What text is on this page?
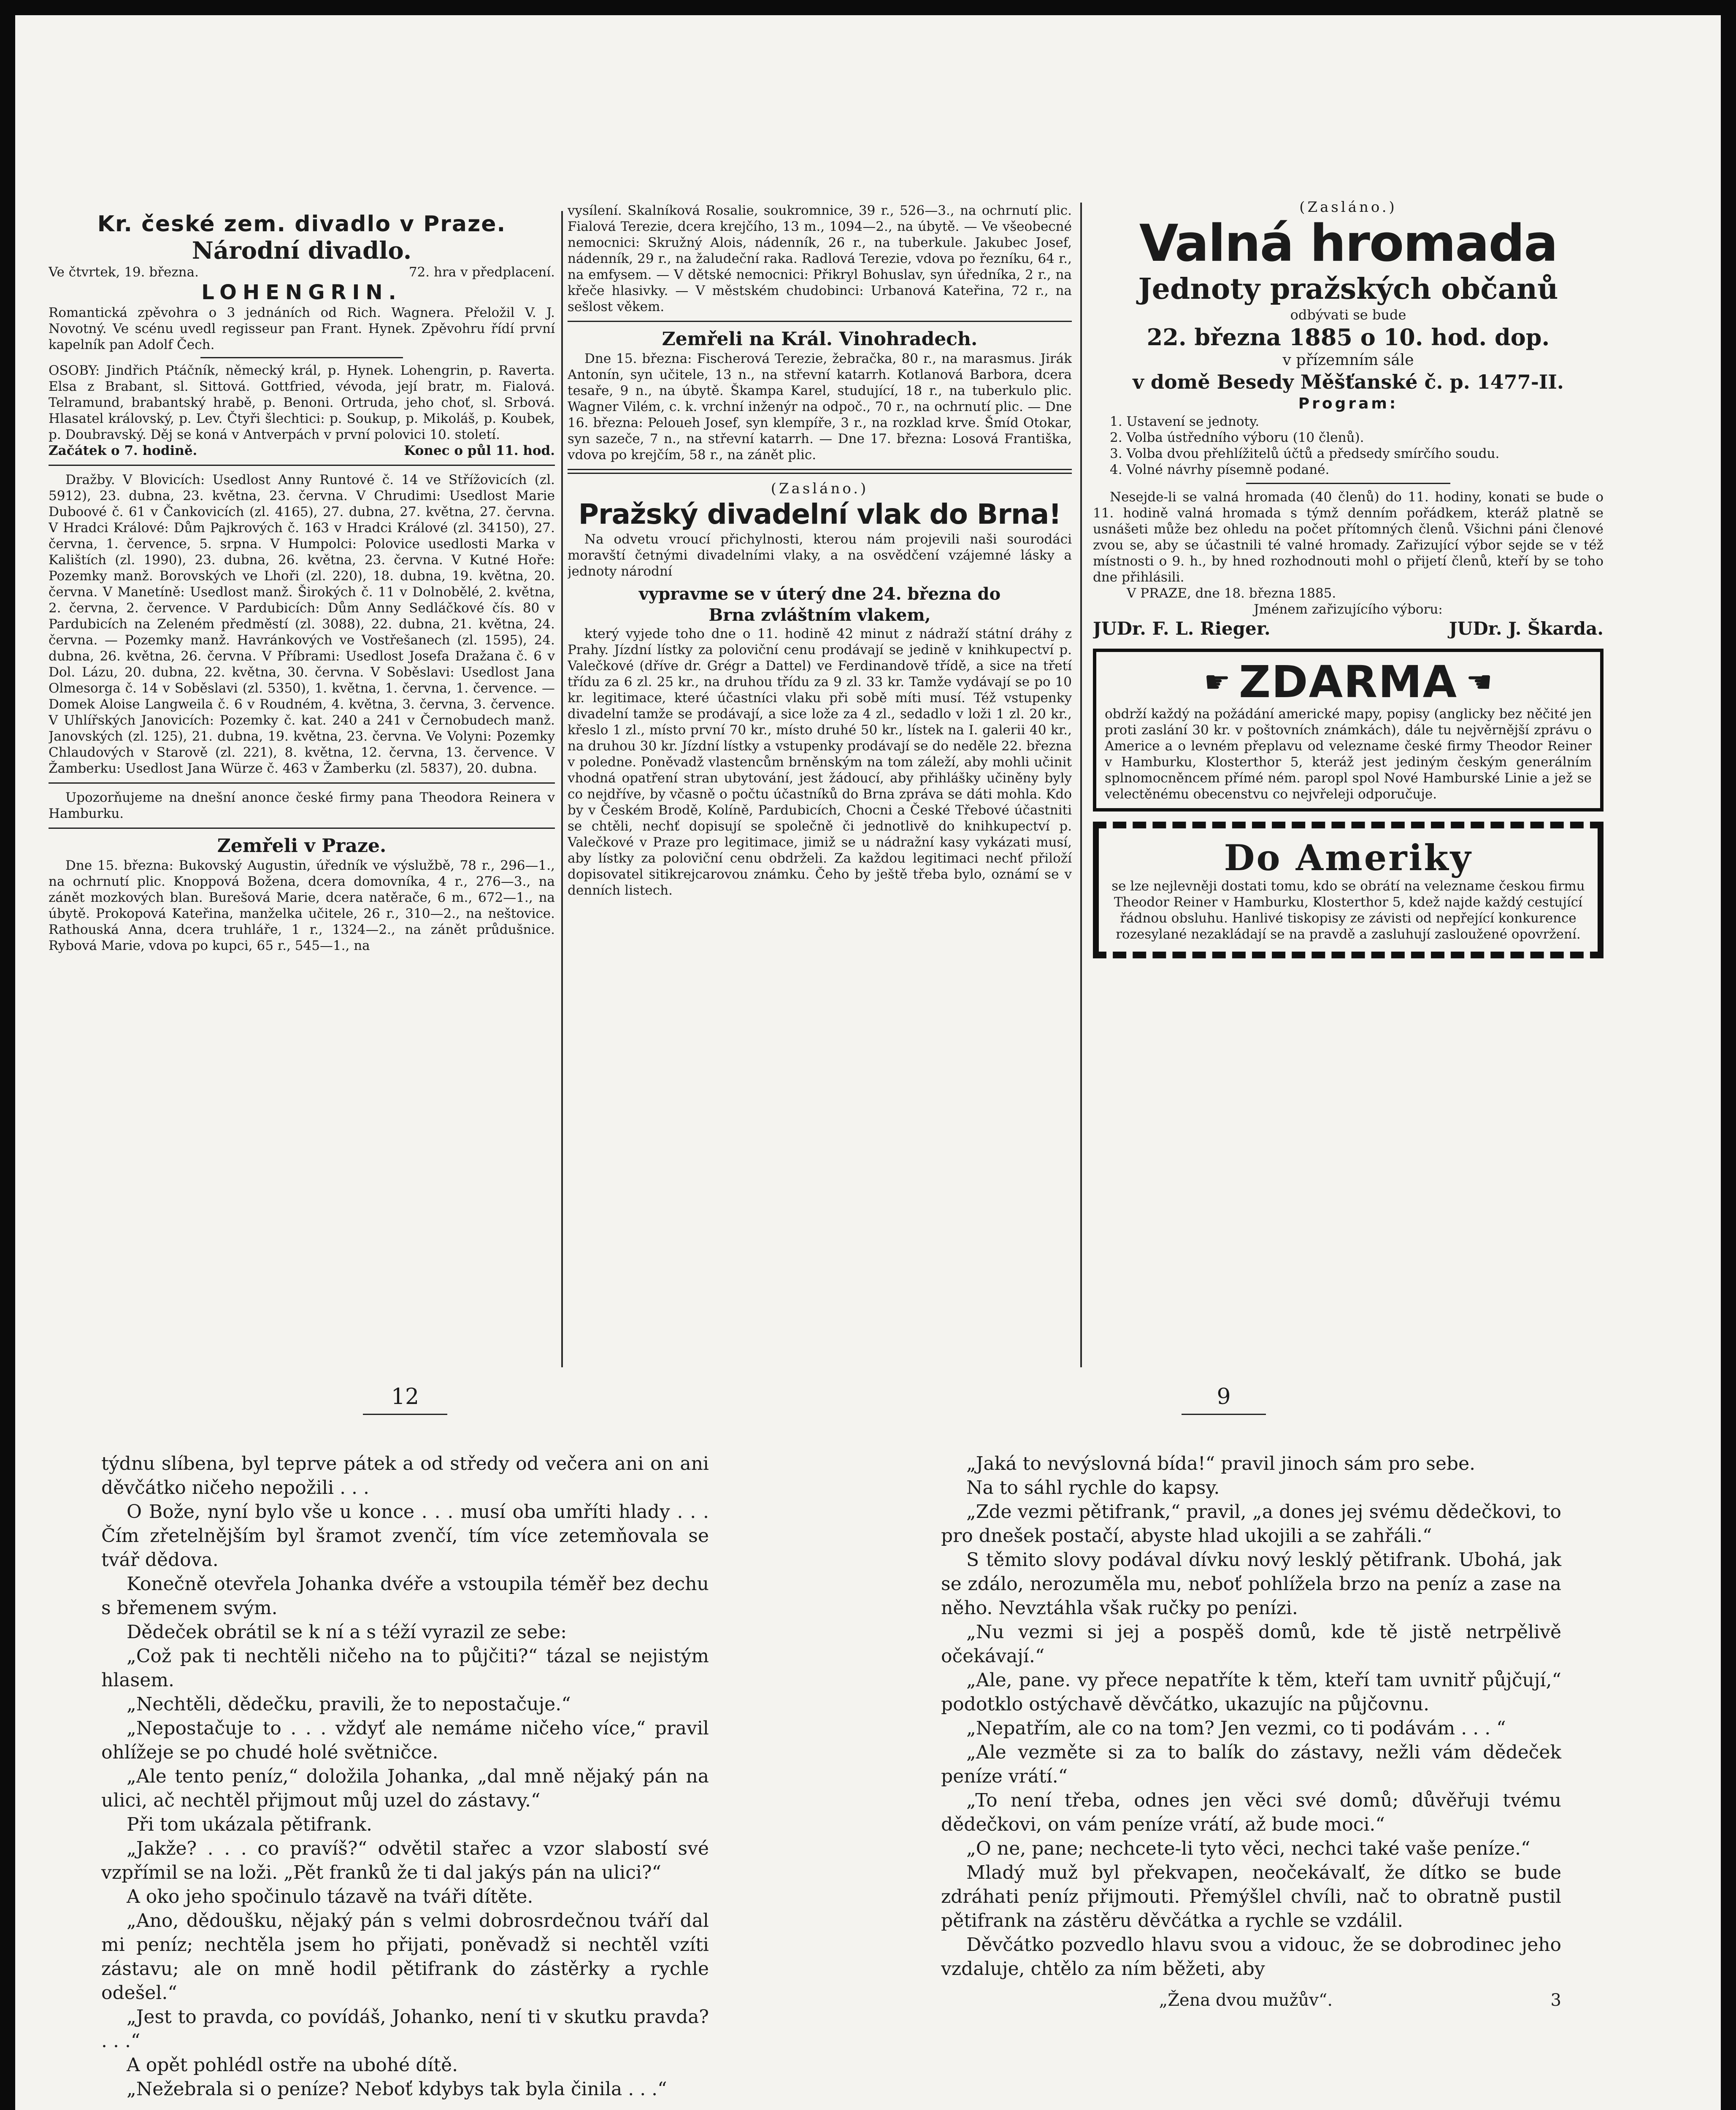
Kr. české zem. divadlo v Praze.
Národní divadlo.
Ve čtvrtek, 19. března.	72. hra v předplacení.
LOHENGRIN.

Romantická zpěvohra o 3 jednáních od Rich. Wagnera. Přeložil V. J. Novotný. Ve scénu uvedl regisseur pan Frant. Hynek. Zpěvohru řídí první kapelník pan Adolf Čech.

OSOBY: Jindřich Ptáčník, německý král, p. Hynek. Lohengrin, p. Raverta. Elsa z Brabant, sl. Sittová. Gottfried, vévoda, její bratr, m. Fialová. Telramund, brabantský hrabě, p. Benoni. Ortruda, jeho choť, sl. Srbová. Hlasatel královský, p. Lev. Čtyři šlechtici: p. Soukup, p. Mikoláš, p. Koubek, p. Doubravský. Děj se koná v Antverpách v první polovici 10. století.

Začátek o 7. hodině.	Konec o půl 11. hod.

Dražby. V Blovicích: Usedlost Anny Runtové č. 14 ve Střížovicích (zl. 5912), 23. dubna, 23. května, 23. června. V Chrudimi: Usedlost Marie Duboové č. 61 v Čankovicích (zl. 4165), 27. dubna, 27. května, 27. června. V Hradci Králové: Dům Pajkrových č. 163 v Hradci Králové (zl. 34150), 27. června, 1. července, 5. srpna. V Humpolci: Polovice usedlosti Marka v Kalištích (zl. 1990), 23. dubna, 26. května, 23. června. V Kutné Hoře: Pozemky manž. Borovských ve Lhoři (zl. 220), 18. dubna, 19. května, 20. června. V Manetíně: Usedlost manž. Širokých č. 11 v Dolnobělé, 2. května, 2. června, 2. července. V Pardubicích: Dům Anny Sedláčkové čís. 80 v Pardubicích na Zeleném předměstí (zl. 3088), 22. dubna, 21. května, 24. června. — Pozemky manž. Havránkových ve Vostřešanech (zl. 1595), 24. dubna, 26. května, 26. června. V Příbrami: Usedlost Josefa Dražana č. 6 v Dol. Lázu, 20. dubna, 22. května, 30. června. V Soběslavi: Usedlost Jana Olmesorga č. 14 v Soběslavi (zl. 5350), 1. května, 1. června, 1. července. — Domek Aloise Langweila č. 6 v Roudném, 4. května, 3. června, 3. července. V Uhlířských Janovicích: Pozemky č. kat. 240 a 241 v Černobudech manž. Janovských (zl. 125), 21. dubna, 19. května, 23. června. Ve Volyni: Pozemky Chlaudových v Starově (zl. 221), 8. května, 12. června, 13. července. V Žamberku: Usedlost Jana Würze č. 463 v Žamberku (zl. 5837), 20. dubna.

Upozorňujeme na dnešní anonce české firmy pana Theodora Reinera v Hamburku.

Zemřeli v Praze.

Dne 15. března: Bukovský Augustin, úředník ve výslužbě, 78 r., 296—1., na ochrnutí plic. Knoppová Božena, dcera domovníka, 4 r., 276—3., na zánět mozkových blan. Burešová Marie, dcera natěrače, 6 m., 672—1., na úbytě. Prokopová Kateřina, manželka učitele, 26 r., 310—2., na neštovice. Rathouská Anna, dcera truhláře, 1 r., 1324—2., na zánět průdušnice. Rybová Marie, vdova po kupci, 65 r., 545—1., na

vysílení. Skalníková Rosalie, soukromnice, 39 r., 526—3., na ochrnutí plic. Fialová Terezie, dcera krejčího, 13 m., 1094—2., na úbytě. — Ve všeobecné nemocnici: Skružný Alois, nádenník, 26 r., na tuberkule. Jakubec Josef, nádenník, 29 r., na žaludeční raka. Radlová Terezie, vdova po řezníku, 64 r., na emfysem. — V dětské nemocnici: Přikryl Bohuslav, syn úředníka, 2 r., na křeče hlasivky. — V městském chudobinci: Urbanová Kateřina, 72 r., na sešlost věkem.

Zemřeli na Král. Vinohradech.

Dne 15. března: Fischerová Terezie, žebračka, 80 r., na marasmus. Jirák Antonín, syn učitele, 13 n., na střevní katarrh. Kotlanová Barbora, dcera tesaře, 9 n., na úbytě. Škampa Karel, studující, 18 r., na tuberkulo plic. Wagner Vilém, c. k. vrchní inženýr na odpoč., 70 r., na ochrnutí plic. — Dne 16. března: Peloueh Josef, syn klempíře, 3 r., na rozklad krve. Šmíd Otokar, syn sazeče, 7 n., na střevní katarrh. — Dne 17. března: Losová Františka, vdova po krejčím, 58 r., na zánět plic.

(Zasláno.)

Pražský divadelní vlak do Brna!

Na odvetu vroucí přichylnosti, kterou nám projevili naši sourodáci moravští četnými divadelními vlaky, a na osvědčení vzájemné lásky a jednoty národní

vypravme se v úterý dne 24. března do
Brna zvláštním vlakem,

který vyjede toho dne o 11. hodině 42 minut z nádraží státní dráhy z Prahy. Jízdní lístky za poloviční cenu prodávají se jedině v knihkupectví p. Valečkové (dříve dr. Grégr a Dattel) ve Ferdinandově třídě, a sice na třetí třídu za 6 zl. 25 kr., na druhou třídu za 9 zl. 33 kr. Tamže vydávají se po 10 kr. legitimace, které účastníci vlaku při sobě míti musí. Též vstupenky divadelní tamže se prodávají, a sice lože za 4 zl., sedadlo v loži 1 zl. 20 kr., křeslo 1 zl., místo první 70 kr., místo druhé 50 kr., lístek na I. galerii 40 kr., na druhou 30 kr. Jízdní lístky a vstupenky prodávají se do neděle 22. března v poledne. Poněvadž vlastencům brněnským na tom záleží, aby mohli učinit vhodná opatření stran ubytování, jest žádoucí, aby přihlášky učiněny byly co nejdříve, by včasně o počtu účastníků do Brna zpráva se dáti mohla. Kdo by v Českém Brodě, Kolíně, Pardubicích, Chocni a České Třebové účastniti se chtěli, nechť dopisují se společně či jednotlivě do knihkupectví p. Valečkové v Praze pro legitimace, jimiž se u nádražní kasy vykázati musí, aby lístky za poloviční cenu obdrželi. Za každou legitimaci nechť přiloží dopisovatel sitikrejcarovou známku. Čeho by ještě třeba bylo, oznámí se v denních listech.

(Zasláno.)

Valná hromada
Jednoty pražských občanů

odbývati se bude

22. března 1885 o 10. hod. dop.

v přízemním sále

v domě Besedy Měšťanské č. p. 1477-II.

Program:

1. Ustavení se jednoty.

2. Volba ústředního výboru (10 členů).

3. Volba dvou přehlížitelů účtů a předsedy smírčího soudu.

4. Volné návrhy písemně podané.

Nesejde-li se valná hromada (40 členů) do 11. hodiny, konati se bude o 11. hodině valná hromada s týmž denním pořádkem, kteráž platně se usnášeti může bez ohledu na počet přítomných členů. Všichni páni členové zvou se, aby se účastnili té valné hromady. Zařizující výbor sejde se v též místnosti o 9. h., by hned rozhodnouti mohl o přijetí členů, kteří by se toho dne přihlásili.

V PRAZE, dne 18. března 1885.

Jménem zařizujícího výboru:

JUDr. F. L. Rieger.	JUDr. J. Škarda.
☛ ZDARMA ☚

obdrží každý na požádání americké mapy, popisy (anglicky bez něčité jen proti zaslání 30 kr. v poštovních známkách), dále tu nejvěrnější zprávu o Americe a o levném přeplavu od velezname české firmy Theodor Reiner v Hamburku, Klosterthor 5, kteráž jest jediným českým generálním splnomocněncem přímé ném. paropl spol Nové Hamburské Linie a jež se velectěnému obecenstvu co nejvřeleji odporučuje.

Do Ameriky

se lze nejlevněji dostati tomu, kdo se obrátí na velezname českou firmu Theodor Reiner v Hamburku, Klosterthor 5, kdež najde každý cestující řádnou obsluhu. Hanlivé tiskopisy ze závisti od nepřející konkurence rozesylané nezakládají se na pravdě a zasluhují zasloužené opovržení.

12	9

týdnu slíbena, byl teprve pátek a od středy od večera ani on ani děvčátko ničeho nepožili . . .

O Bože, nyní bylo vše u konce . . . musí oba umříti hlady . . . Čím zřetelnějším byl šramot zvenčí, tím více zetemňovala se tvář dědova.

Konečně otevřela Johanka dvéře a vstoupila téměř bez dechu s břemenem svým.

Dědeček obrátil se k ní a s téží vyrazil ze sebe:

„Což pak ti nechtěli ničeho na to půjčiti?“ tázal se nejistým hlasem.

„Nechtěli, dědečku, pravili, že to nepostačuje.“

„Nepostačuje to . . . vždyť ale nemáme ničeho více,“ pravil ohlížeje se po chudé holé světničce.

„Ale tento peníz,“ doložila Johanka, „dal mně nějaký pán na ulici, ač nechtěl přijmout můj uzel do zástavy.“

Při tom ukázala pětifrank.

„Jakže? . . . co pravíš?“ odvětil stařec a vzor slabostí své vzpřímil se na loži. „Pět franků že ti dal jakýs pán na ulici?“

A oko jeho spočinulo tázavě na tváři dítěte.

„Ano, dědoušku, nějaký pán s velmi dobrosrdečnou tváří dal mi peníz; nechtěla jsem ho přijati, poněvadž si nechtěl vzíti zástavu; ale on mně hodil pětifrank do zástěrky a rychle odešel.“

„Jest to pravda, co povídáš, Johanko, není ti v skutku pravda? . . .“

A opět pohlédl ostře na ubohé dítě.

„Nežebrala si o peníze? Neboť kdybys tak byla činila . . .“

„Jaká to nevýslovná bída!“ pravil jinoch sám pro sebe.

Na to sáhl rychle do kapsy.

„Zde vezmi pětifrank,“ pravil, „a dones jej svému dědečkovi, to pro dnešek postačí, abyste hlad ukojili a se zahřáli.“

S těmito slovy podával dívku nový lesklý pětifrank. Ubohá, jak se zdálo, nerozuměla mu, neboť pohlížela brzo na peníz a zase na něho. Nevztáhla však ručky po penízi.

„Nu vezmi si jej a pospěš domů, kde tě jistě netrpělivě očekávají.“

„Ale, pane. vy přece nepatříte k těm, kteří tam uvnitř půjčují,“ podotklo ostýchavě děvčátko, ukazujíc na půjčovnu.

„Nepatřím, ale co na tom? Jen vezmi, co ti podávám . . . “

„Ale vezměte si za to balík do zástavy, nežli vám dědeček peníze vrátí.“

„To není třeba, odnes jen věci své domů; důvěřuji tvému dědečkovi, on vám peníze vrátí, až bude moci.“

„O ne, pane; nechcete-li tyto věci, nechci také vaše peníze.“

Mladý muž byl překvapen, neočekávalť, že dítko se bude zdráhati peníz přijmouti. Přemýšlel chvíli, nač to obratně pustil pětifrank na zástěru děvčátka a rychle se vzdálil.

Děvčátko pozvedlo hlavu svou a vidouc, že se dobrodinec jeho vzdaluje, chtělo za ním běžeti, aby

„Žena dvou mužův“.	3
